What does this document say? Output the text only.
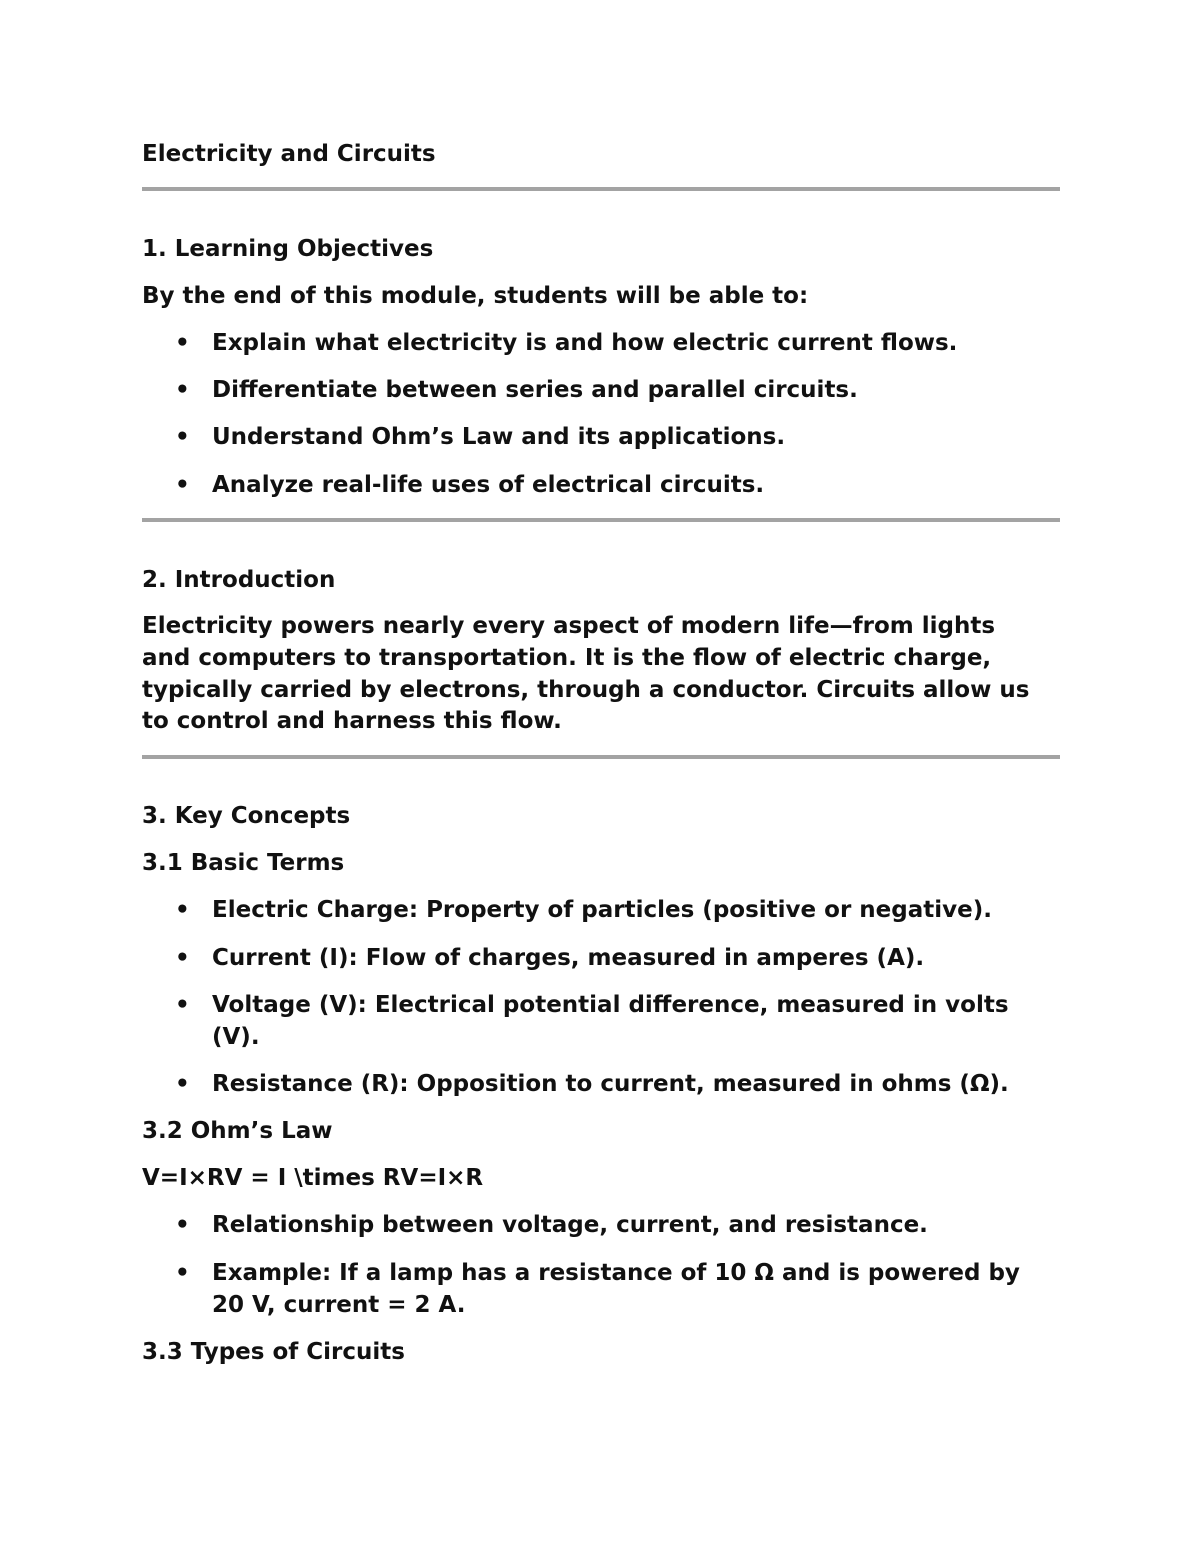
Electricity and Circuits
1. Learning Objectives
By the end of this module, students will be able to:
• Explain what electricity is and how electric current flows.
• Differentiate between series and parallel circuits.
• Understand Ohm’s Law and its applications.
• Analyze real-life uses of electrical circuits.
2. Introduction
Electricity powers nearly every aspect of modern life—from lights
and computers to transportation. It is the flow of electric charge,
typically carried by electrons, through a conductor. Circuits allow us
to control and harness this flow.
3. Key Concepts
3.1 Basic Terms
• Electric Charge: Property of particles (positive or negative).
• Current (I): Flow of charges, measured in amperes (A).
• Voltage (V): Electrical potential difference, measured in volts
(V).
• Resistance (R): Opposition to current, measured in ohms (Ω).
3.2 Ohm’s Law
V=I×RV = I \times RV=I×R
• Relationship between voltage, current, and resistance.
• Example: If a lamp has a resistance of 10 Ω and is powered by
20 V, current = 2 A.
3.3 Types of Circuits
